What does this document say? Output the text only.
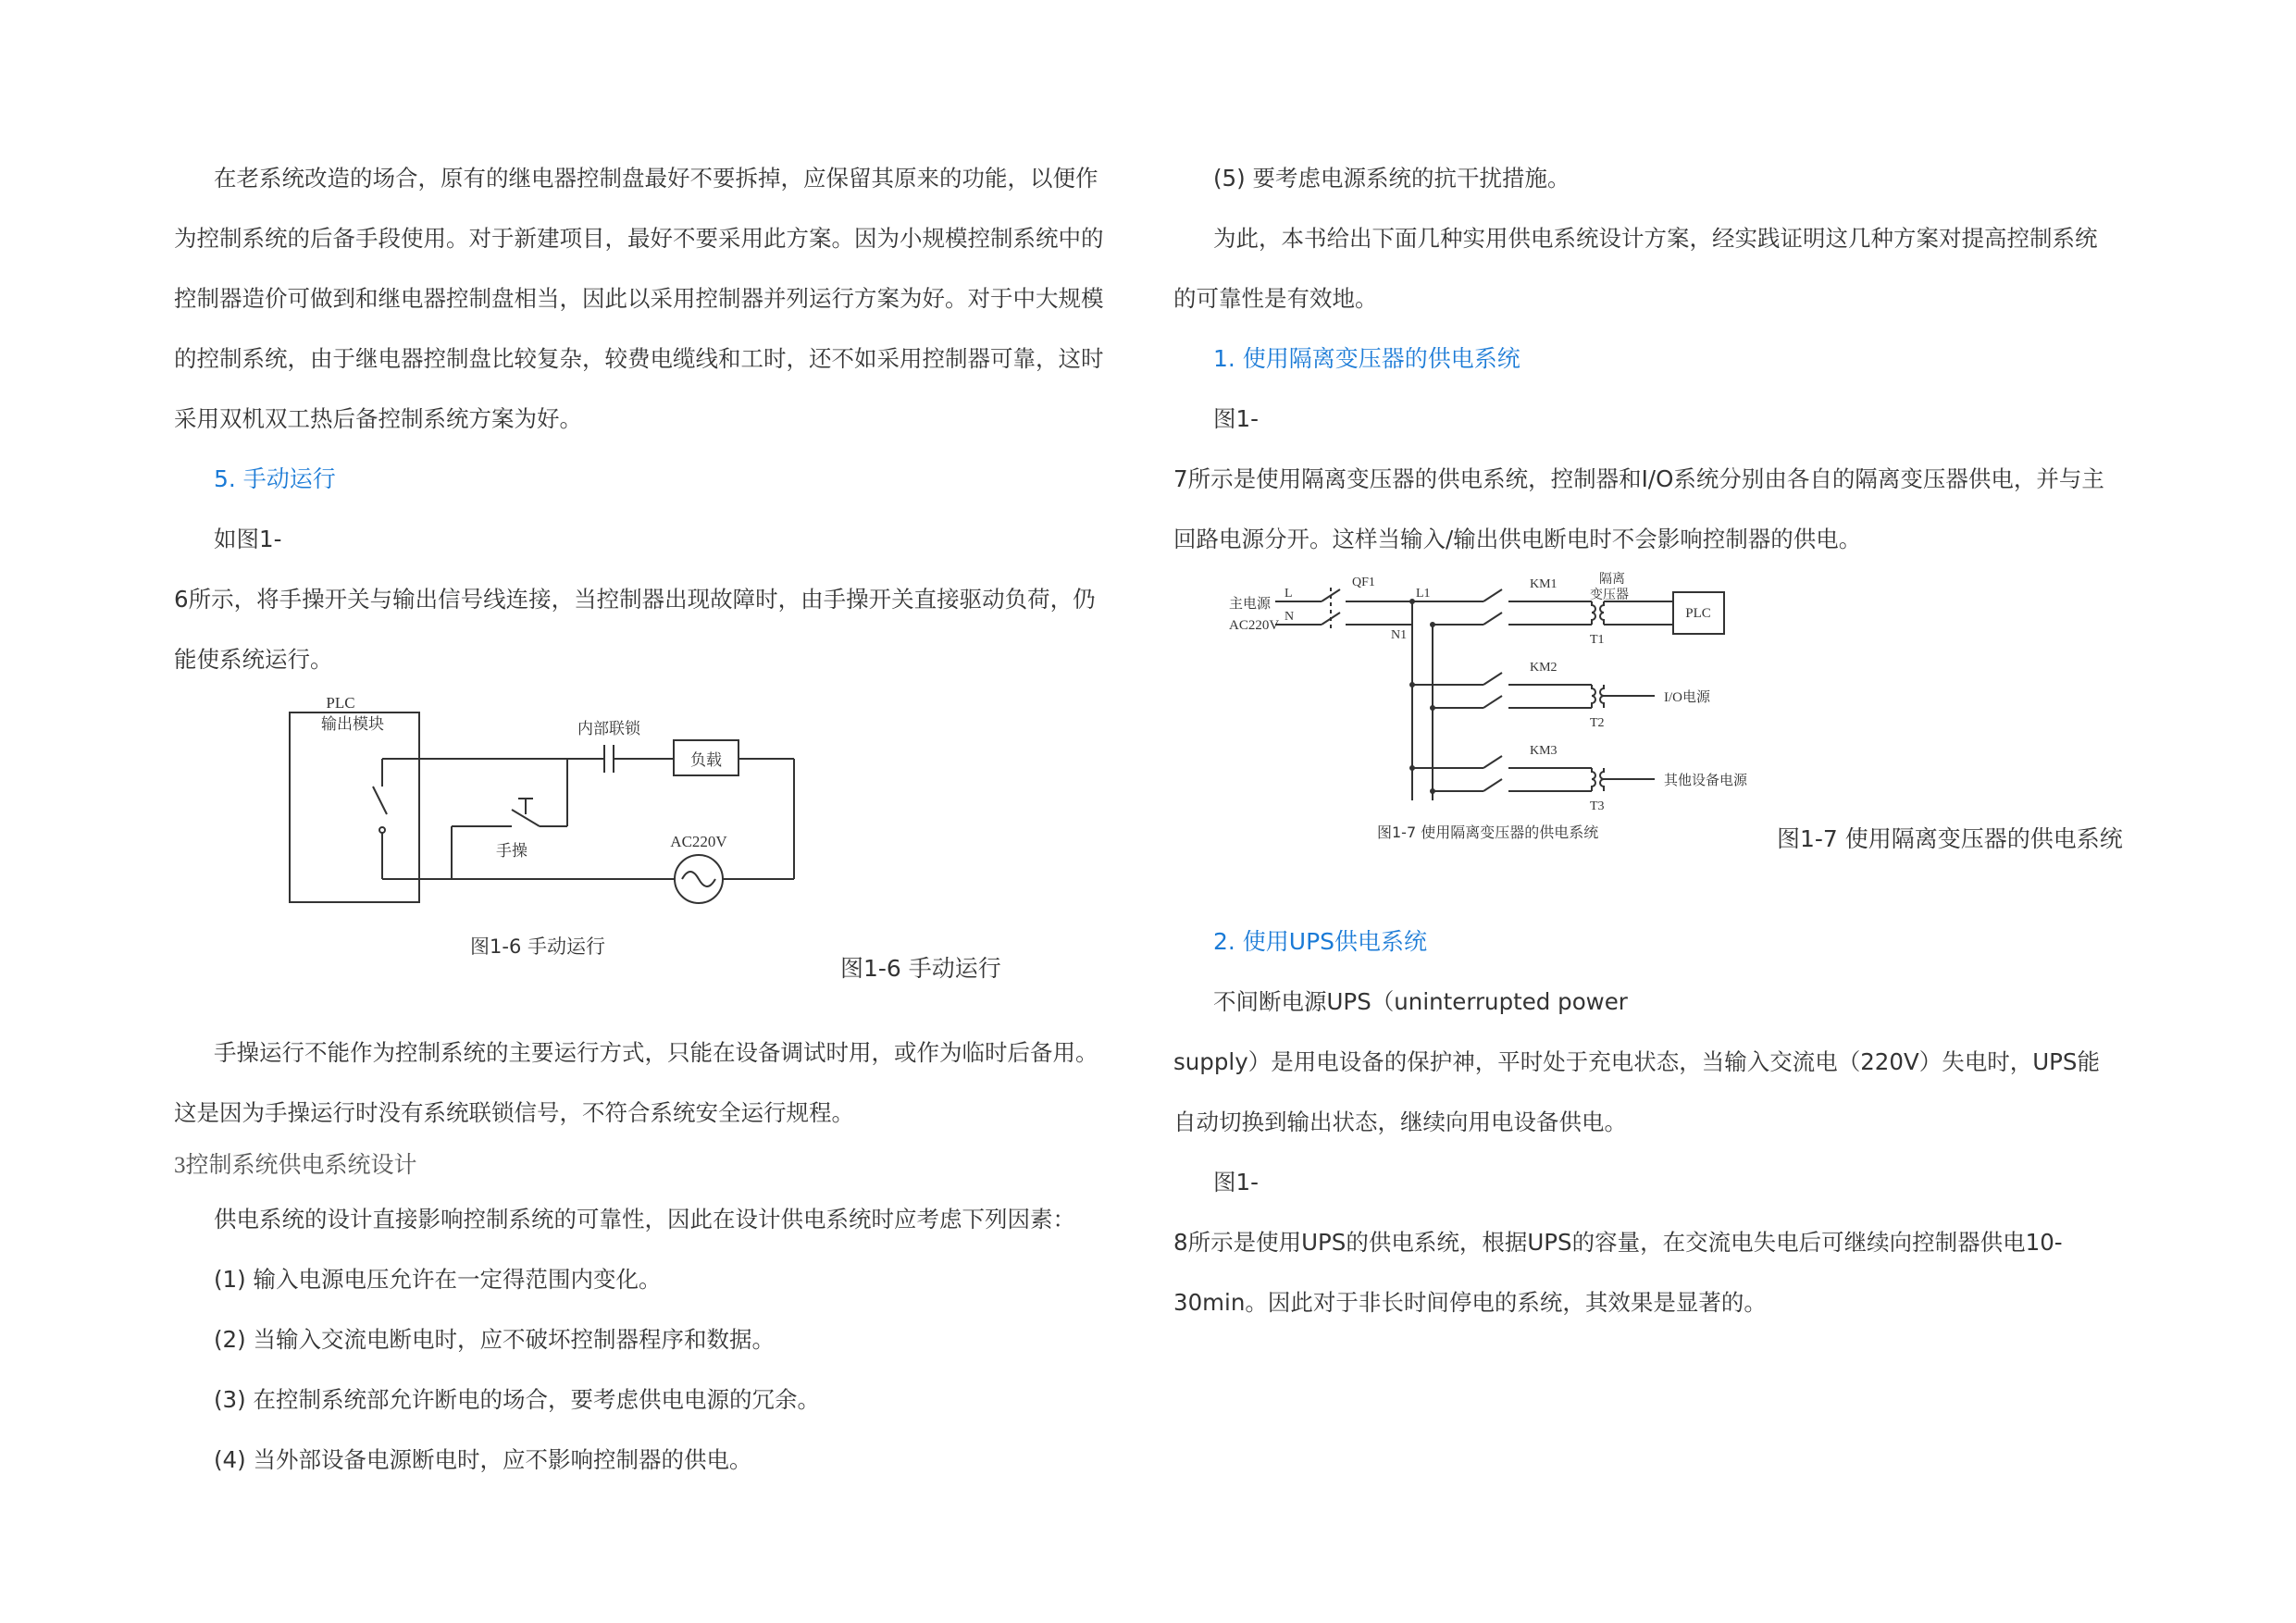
在老系统改造的场合，原有的继电器控制盘最好不要拆掉，应保留其原来的功能，以便作

为控制系统的后备手段使用。对于新建项目，最好不要采用此方案。因为小规模控制系统中的

控制器造价可做到和继电器控制盘相当，因此以采用控制器并列运行方案为好。对于中大规模

的控制系统，由于继电器控制盘比较复杂，较费电缆线和工时，还不如采用控制器可靠，这时

采用双机双工热后备控制系统方案为好。

5. 手动运行

如图1-

6所示，将手操开关与输出信号线连接，当控制器出现故障时，由手操开关直接驱动负荷，仍

能使系统运行。

PLC
输出模块	内部联锁
负载
手操
AC220V
图1-6 手动运行
图1-6 手动运行

手操运行不能作为控制系统的主要运行方式，只能在设备调试时用，或作为临时后备用。

这是因为手操运行时没有系统联锁信号，不符合系统安全运行规程。

3控制系统供电系统设计

供电系统的设计直接影响控制系统的可靠性，因此在设计供电系统时应考虑下列因素：

(1) 输入电源电压允许在一定得范围内变化。

(2) 当输入交流电断电时，应不破坏控制器程序和数据。

(3) 在控制系统部允许断电的场合，要考虑供电电源的冗余。

(4) 当外部设备电源断电时，应不影响控制器的供电。

(5) 要考虑电源系统的抗干扰措施。

为此，本书给出下面几种实用供电系统设计方案，经实践证明这几种方案对提高控制系统

的可靠性是有效地。

1. 使用隔离变压器的供电系统

图1-

7所示是使用隔离变压器的供电系统，控制器和I/O系统分别由各自的隔离变压器供电，并与主

回路电源分开。这样当输入/输出供电断电时不会影响控制器的供电。

主电源
AC220V
L
N
QF1
L1
N1
KM1
KM2
KM3
隔离
变压器
PLC
I/O电源
其他设备电源
T1
T2
T3
图1-7 使用隔离变压器的供电系统	图1-7 使用隔离变压器的供电系统

2. 使用UPS供电系统

不间断电源UPS（uninterrupted power

supply）是用电设备的保护神，平时处于充电状态，当输入交流电（220V）失电时，UPS能

自动切换到输出状态，继续向用电设备供电。

图1-

8所示是使用UPS的供电系统，根据UPS的容量，在交流电失电后可继续向控制器供电10-

30min。因此对于非长时间停电的系统，其效果是显著的。
